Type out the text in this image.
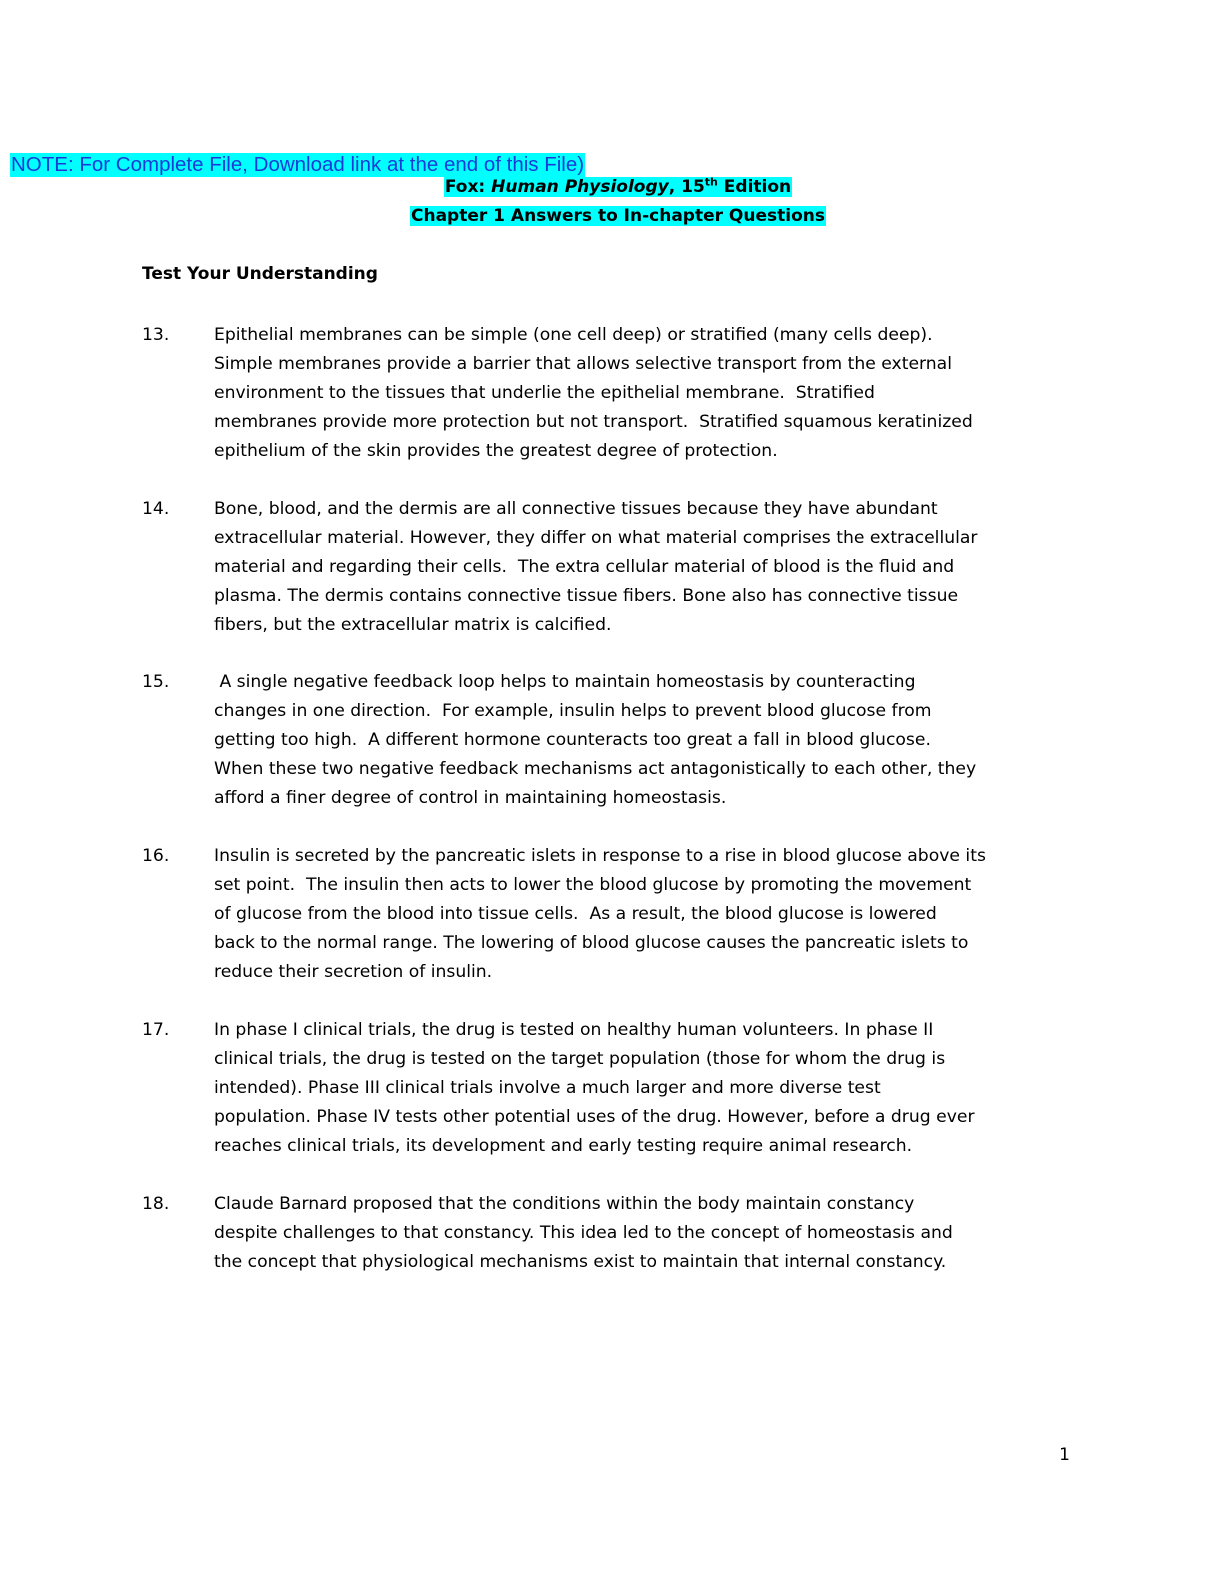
NOTE: For Complete File, Download link at the end of this File)
Fox: Human Physiology, 15th Edition
Chapter 1 Answers to In-chapter Questions
Test Your Understanding
13.	Epithelial membranes can be simple (one cell deep) or stratified (many cells deep).
Simple membranes provide a barrier that allows selective transport from the external
environment to the tissues that underlie the epithelial membrane.  Stratified
membranes provide more protection but not transport.  Stratified squamous keratinized
epithelium of the skin provides the greatest degree of protection.
14.	Bone, blood, and the dermis are all connective tissues because they have abundant
extracellular material. However, they differ on what material comprises the extracellular
material and regarding their cells.  The extra cellular material of blood is the fluid and
plasma. The dermis contains connective tissue fibers. Bone also has connective tissue
fibers, but the extracellular matrix is calcified.
15.	A single negative feedback loop helps to maintain homeostasis by counteracting
changes in one direction.  For example, insulin helps to prevent blood glucose from
getting too high.  A different hormone counteracts too great a fall in blood glucose.
When these two negative feedback mechanisms act antagonistically to each other, they
afford a finer degree of control in maintaining homeostasis.
16.	Insulin is secreted by the pancreatic islets in response to a rise in blood glucose above its
set point.  The insulin then acts to lower the blood glucose by promoting the movement
of glucose from the blood into tissue cells.  As a result, the blood glucose is lowered
back to the normal range. The lowering of blood glucose causes the pancreatic islets to
reduce their secretion of insulin.
17.	In phase I clinical trials, the drug is tested on healthy human volunteers. In phase II
clinical trials, the drug is tested on the target population (those for whom the drug is
intended). Phase III clinical trials involve a much larger and more diverse test
population. Phase IV tests other potential uses of the drug. However, before a drug ever
reaches clinical trials, its development and early testing require animal research.
18.	Claude Barnard proposed that the conditions within the body maintain constancy
despite challenges to that constancy. This idea led to the concept of homeostasis and
the concept that physiological mechanisms exist to maintain that internal constancy.
1
